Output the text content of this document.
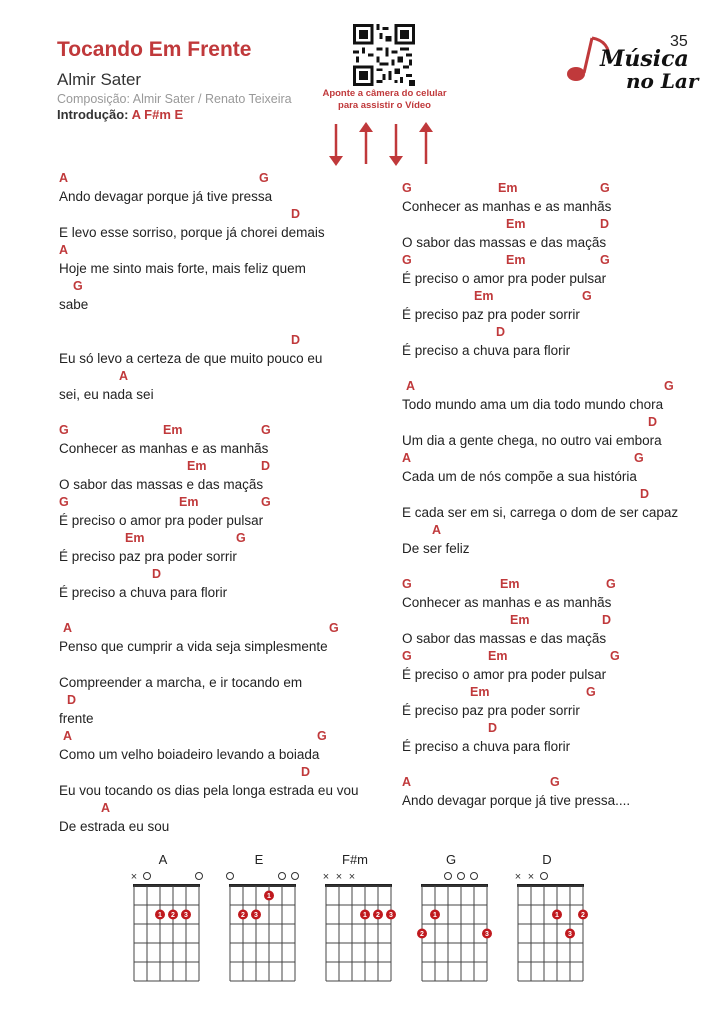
Tocando Em Frente
Almir Sater
Composição: Almir Sater / Renato Teixeira
Introdução: A F#m E
35
Aponte a câmera do celular
para assistir o Vídeo
Música
no Lar
A	G
Ando devagar porque já tive pressa
D
E levo esse sorriso, porque já chorei demais
A
Hoje me sinto mais forte, mais feliz quem
G
sabe
D
Eu só levo a certeza de que muito pouco eu
A
sei, eu nada sei
G	Em	G
Conhecer as manhas e as manhãs
Em	D
O sabor das massas e das maçãs
G	Em	G
É preciso o amor pra poder pulsar
Em	G
É preciso paz pra poder sorrir
D
É preciso a chuva para florir
A	G
Penso que cumprir a vida seja simplesmente
Compreender a marcha, e ir tocando em
D
frente
A	G
Como um velho boiadeiro levando a boiada
D
Eu vou tocando os dias pela longa estrada eu vou
A
De estrada eu sou
G	Em	G
Conhecer as manhas e as manhãs
Em	D
O sabor das massas e das maçãs
G	Em	G
É preciso o amor pra poder pulsar
Em	G
É preciso paz pra poder sorrir
D
É preciso a chuva para florir
A	G
Todo mundo ama um dia todo mundo chora
D
Um dia a gente chega, no outro vai embora
A	G
Cada um de nós compõe a sua história
D
E cada ser em si, carrega o dom de ser capaz
A
De ser feliz
G	Em	G
Conhecer as manhas e as manhãs
Em	D
O sabor das massas e das maçãs
G	Em	G
É preciso o amor pra poder pulsar
Em	G
É preciso paz pra poder sorrir
D
É preciso a chuva para florir
A	G
Ando devagar porque já tive pressa....
A
×
1 2 3
E
2 3
1
F#m
× × ×
1 2 3
G
1
2	3
D
× ×
1	2
3
